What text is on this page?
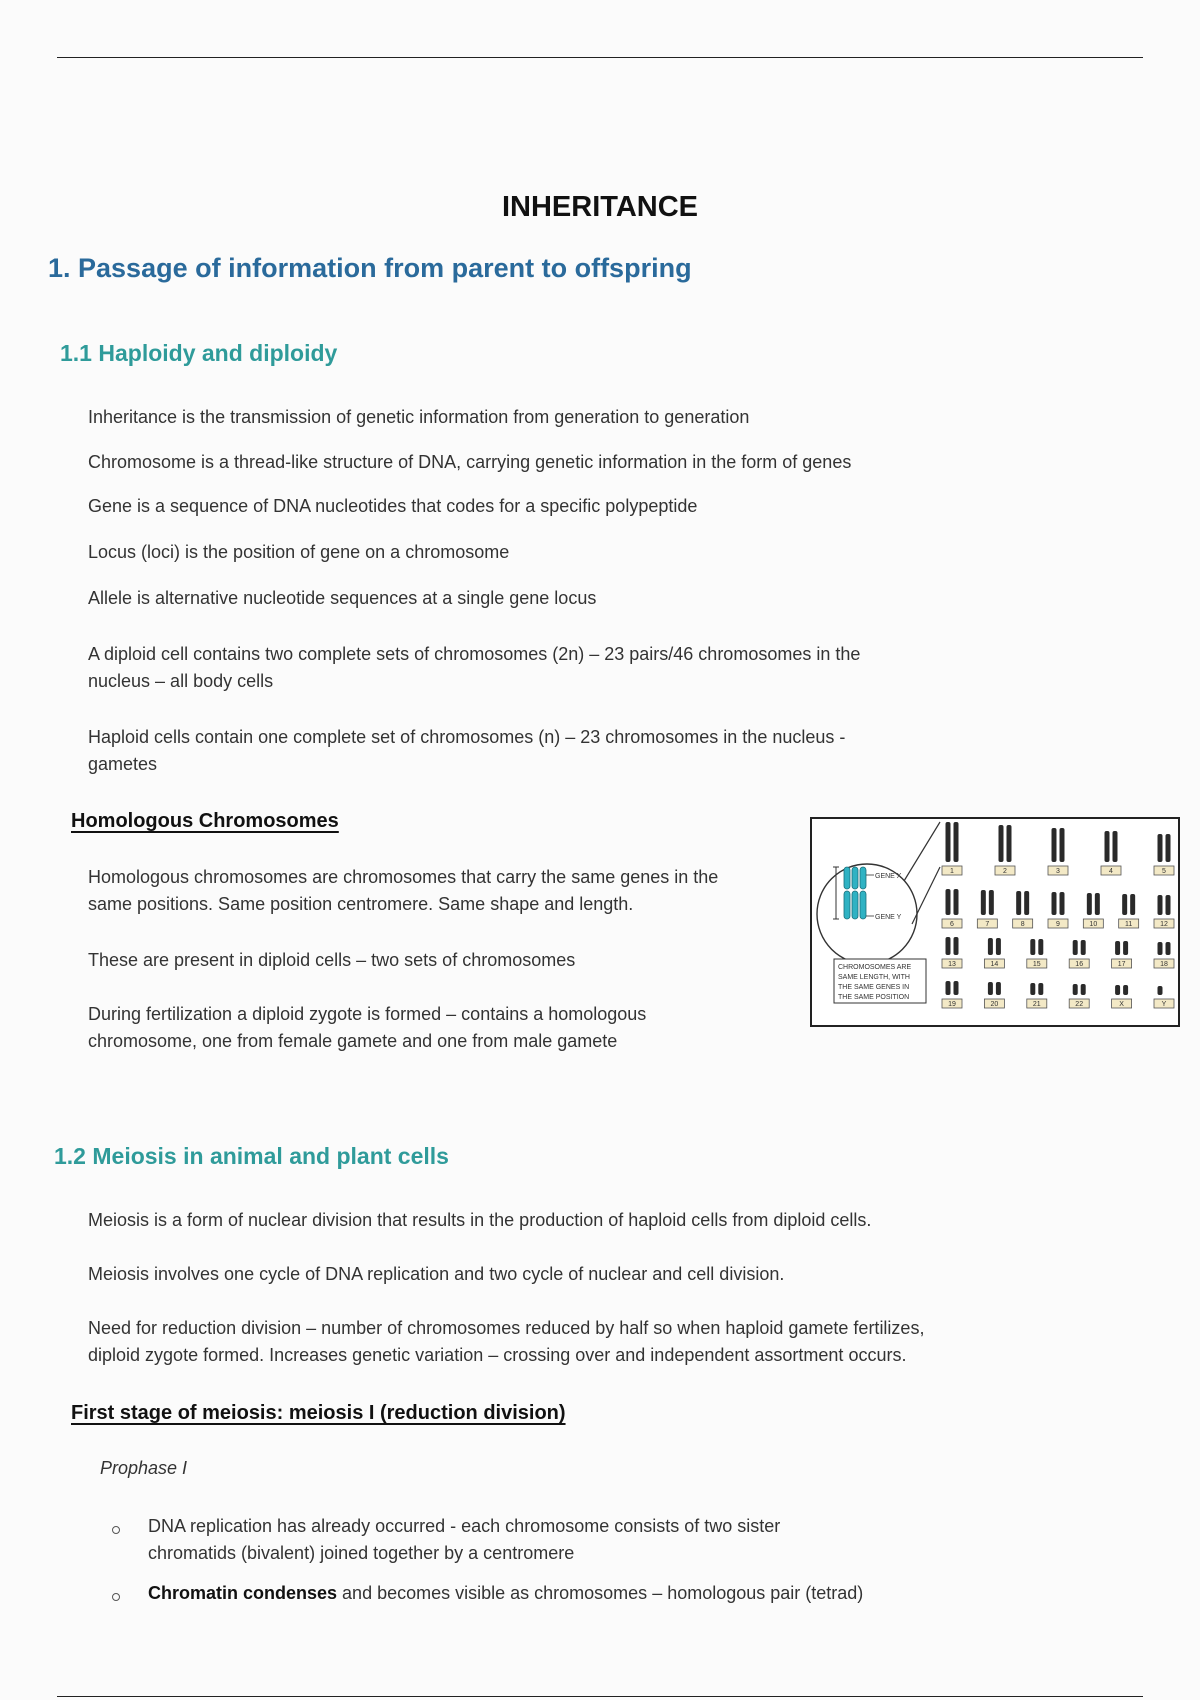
INHERITANCE
1. Passage of information from parent to offspring
1.1 Haploidy and diploidy
Inheritance is the transmission of genetic information from generation to generation
Chromosome is a thread-like structure of DNA, carrying genetic information in the form of genes
Gene is a sequence of DNA nucleotides that codes for a specific polypeptide
Locus (loci) is the position of gene on a chromosome
Allele is alternative nucleotide sequences at a single gene locus
A diploid cell contains two complete sets of chromosomes (2n) – 23 pairs/46 chromosomes in the
nucleus – all body cells
Haploid cells contain one complete set of chromosomes (n) – 23 chromosomes in the nucleus -
gametes
Homologous Chromosomes
Homologous chromosomes are chromosomes that carry the same genes in the
same positions. Same position centromere. Same shape and length.
These are present in diploid cells – two sets of chromosomes
During fertilization a diploid zygote is formed – contains a homologous
chromosome, one from female gamete and one from male gamete
GENE X
GENE Y
CHROMOSOMES ARE
SAME LENGTH, WITH
THE SAME GENES IN
THE SAME POSITION
1	2	3	4	5
6	7	8	9	10	11	12
13	14	15	16	17	18
19	20	21	22	X	Y
1.2 Meiosis in animal and plant cells
Meiosis is a form of nuclear division that results in the production of haploid cells from diploid cells.
Meiosis involves one cycle of DNA replication and two cycle of nuclear and cell division.
Need for reduction division – number of chromosomes reduced by half so when haploid gamete fertilizes,
diploid zygote formed. Increases genetic variation – crossing over and independent assortment occurs.
First stage of meiosis: meiosis I (reduction division)
Prophase I
DNA replication has already occurred - each chromosome consists of two sister
chromatids (bivalent) joined together by a centromere
Chromatin condenses and becomes visible as chromosomes – homologous pair (tetrad)
